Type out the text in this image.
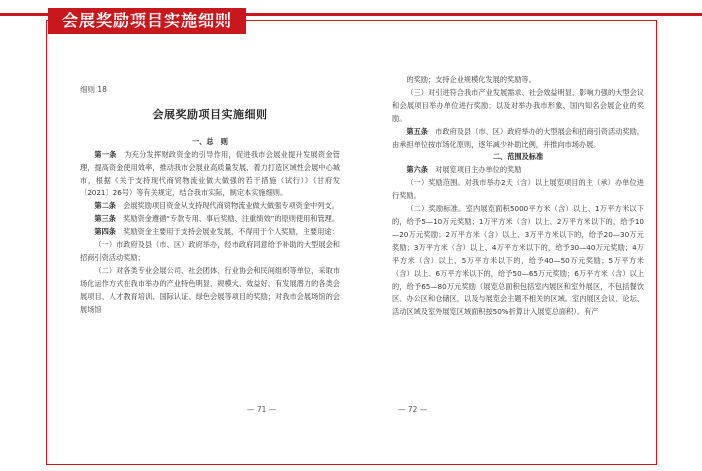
会展奖励项目实施细则

细则 18

会展奖励项目实施细则

一、总　则

第一条　 为充分发挥财政资金的引导作用，促进我市会展业提升发展资金管理，提高资金使用效率，推动我市会展业高质量发展，着力打造区域性会展中心城市，根据《关于支持现代商贸物流业做大做强的若干措施（试行）》（甘府发〔2021〕26号）等有关规定，结合我市实际，制定本实施细则。

第二条　 会展奖励项目资金从支持现代商贸物流业做大做强专项资金中列支。

第三条　 奖励资金遵循“专款专用、事后奖励、注重绩效”的原则使用和管理。

第四条　 奖励资金主要用于支持会展业发展，不得用于个人奖励，主要用途：

（一）市政府及县（市、区）政府举办，经市政府同意给予补助的大型展会和招商引资活动奖励；

（二）对各类专业会展公司、社会团体、行业协会和民间组织等单位，采取市场化运作方式在我市举办的产业特色明显、规模大、效益好、有发展潜力的各类会展项目、人才教育培训、国际认证、绿色会展等项目的奖励；对我市会展场馆的会展场馆

— 71 —

的奖励；支持企业规模化发展的奖励等。

（三）对引进符合我市产业发展需求、社会效益明显、影响力强的大型会议和会展项目举办单位进行奖励；以及对举办我市形象、国内知名会展企业的奖励。

第五条　 市政府及县（市、区）政府举办的大型展会和招商引资活动奖励，由承担单位按市场化原则，逐年减少补助比例，并推向市场办展。

二、范围及标准

第六条　 对展览项目主办单位的奖励

（一）奖励范围。对我市举办2天（含）以上展览项目的主（承）办单位进行奖励。

（二）奖励标准。室内展览面积5000平方米（含）以上、1万平方米以下的，给予5—10万元奖励；1万平方米（含）以上、2万平方米以下的，给予10—20万元奖励；2万平方米（含）以上、3万平方米以下的，给予20—30万元奖励；3万平方米（含）以上、4万平方米以下的，给予30—40万元奖励；4万平方米（含）以上、5万平方米以下的，给予40—50万元奖励；5万平方米（含）以上、6万平方米以下的，给予50—65万元奖励；6万平方米（含）以上的，给予65—80万元奖励（展览总面积包括室内展区和室外展区，不包括餐饮区、办公区和仓储区，以及与展览会主题不相关的区域。室内展区会议、论坛、活动区域及室外展览区域面积按50%折算计入展览总面积）。有产

— 72 —
